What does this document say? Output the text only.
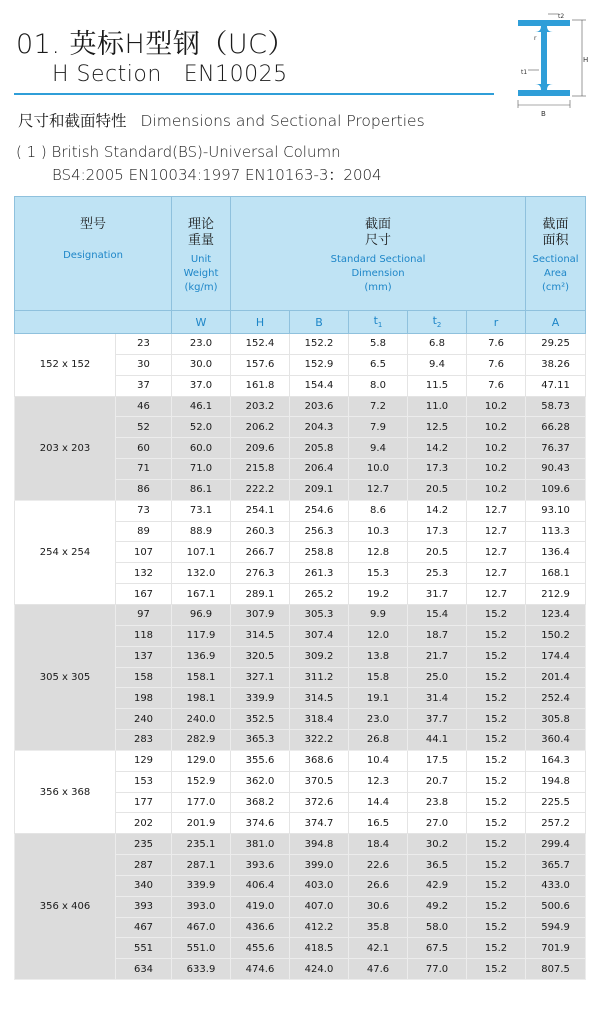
01. 英标H型钢（UC）
H Section EN10025
H
B
t1
t2
r
尺寸和截面特性 Dimensions and Sectional Properties
( 1 ) British Standard(BS)-Universal Column
BS4:2005 EN10034:1997 EN10163-3：2004
型号
Designation		理论
重量
Unit
Weight
(kg/m)	截面
尺寸
Standard Sectional
Dimension
(mm)					截面
面积
Sectional
Area
(cm²)

		W	H	B	$t_1$	$t_2$	r	A
152 x 152	23	23.0	152.4	152.2	5.8	6.8	7.6	29.25
	30	30.0	157.6	152.9	6.5	9.4	7.6	38.26
	37	37.0	161.8	154.4	8.0	11.5	7.6	47.11
203 x 203	46	46.1	203.2	203.6	7.2	11.0	10.2	58.73
	52	52.0	206.2	204.3	7.9	12.5	10.2	66.28
	60	60.0	209.6	205.8	9.4	14.2	10.2	76.37
	71	71.0	215.8	206.4	10.0	17.3	10.2	90.43
	86	86.1	222.2	209.1	12.7	20.5	10.2	109.6
254 x 254	73	73.1	254.1	254.6	8.6	14.2	12.7	93.10
	89	88.9	260.3	256.3	10.3	17.3	12.7	113.3
	107	107.1	266.7	258.8	12.8	20.5	12.7	136.4
	132	132.0	276.3	261.3	15.3	25.3	12.7	168.1
	167	167.1	289.1	265.2	19.2	31.7	12.7	212.9
305 x 305	97	96.9	307.9	305.3	9.9	15.4	15.2	123.4
	118	117.9	314.5	307.4	12.0	18.7	15.2	150.2
	137	136.9	320.5	309.2	13.8	21.7	15.2	174.4
	158	158.1	327.1	311.2	15.8	25.0	15.2	201.4
	198	198.1	339.9	314.5	19.1	31.4	15.2	252.4
	240	240.0	352.5	318.4	23.0	37.7	15.2	305.8
	283	282.9	365.3	322.2	26.8	44.1	15.2	360.4
356 x 368	129	129.0	355.6	368.6	10.4	17.5	15.2	164.3
	153	152.9	362.0	370.5	12.3	20.7	15.2	194.8
	177	177.0	368.2	372.6	14.4	23.8	15.2	225.5
	202	201.9	374.6	374.7	16.5	27.0	15.2	257.2
356 x 406	235	235.1	381.0	394.8	18.4	30.2	15.2	299.4
	287	287.1	393.6	399.0	22.6	36.5	15.2	365.7
	340	339.9	406.4	403.0	26.6	42.9	15.2	433.0
	393	393.0	419.0	407.0	30.6	49.2	15.2	500.6
	467	467.0	436.6	412.2	35.8	58.0	15.2	594.9
	551	551.0	455.6	418.5	42.1	67.5	15.2	701.9
	634	633.9	474.6	424.0	47.6	77.0	15.2	807.5
